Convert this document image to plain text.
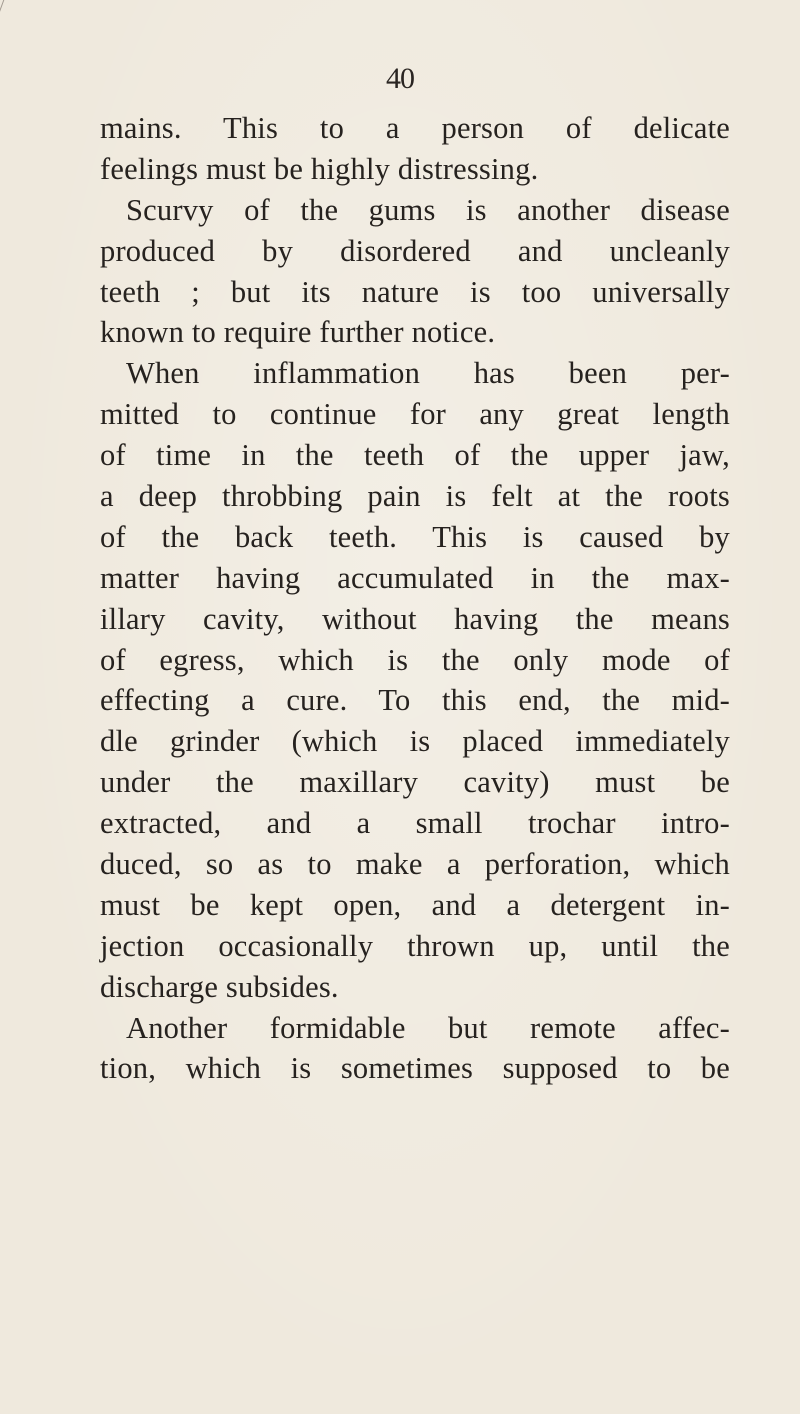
40
mains. This to a person of delicate
feelings must be highly distressing.
Scurvy of the gums is another disease
produced by disordered and uncleanly
teeth ; but its nature is too universally
known to require further notice.
When inflammation has been per-
mitted to continue for any great length
of time in the teeth of the upper jaw,
a deep throbbing pain is felt at the roots
of the back teeth. This is caused by
matter having accumulated in the max-
illary cavity, without having the means
of egress, which is the only mode of
effecting a cure. To this end, the mid-
dle grinder (which is placed immediately
under the maxillary cavity) must be
extracted, and a small trochar intro-
duced, so as to make a perforation, which
must be kept open, and a detergent in-
jection occasionally thrown up, until the
discharge subsides.
Another formidable but remote affec-
tion, which is sometimes supposed to be
